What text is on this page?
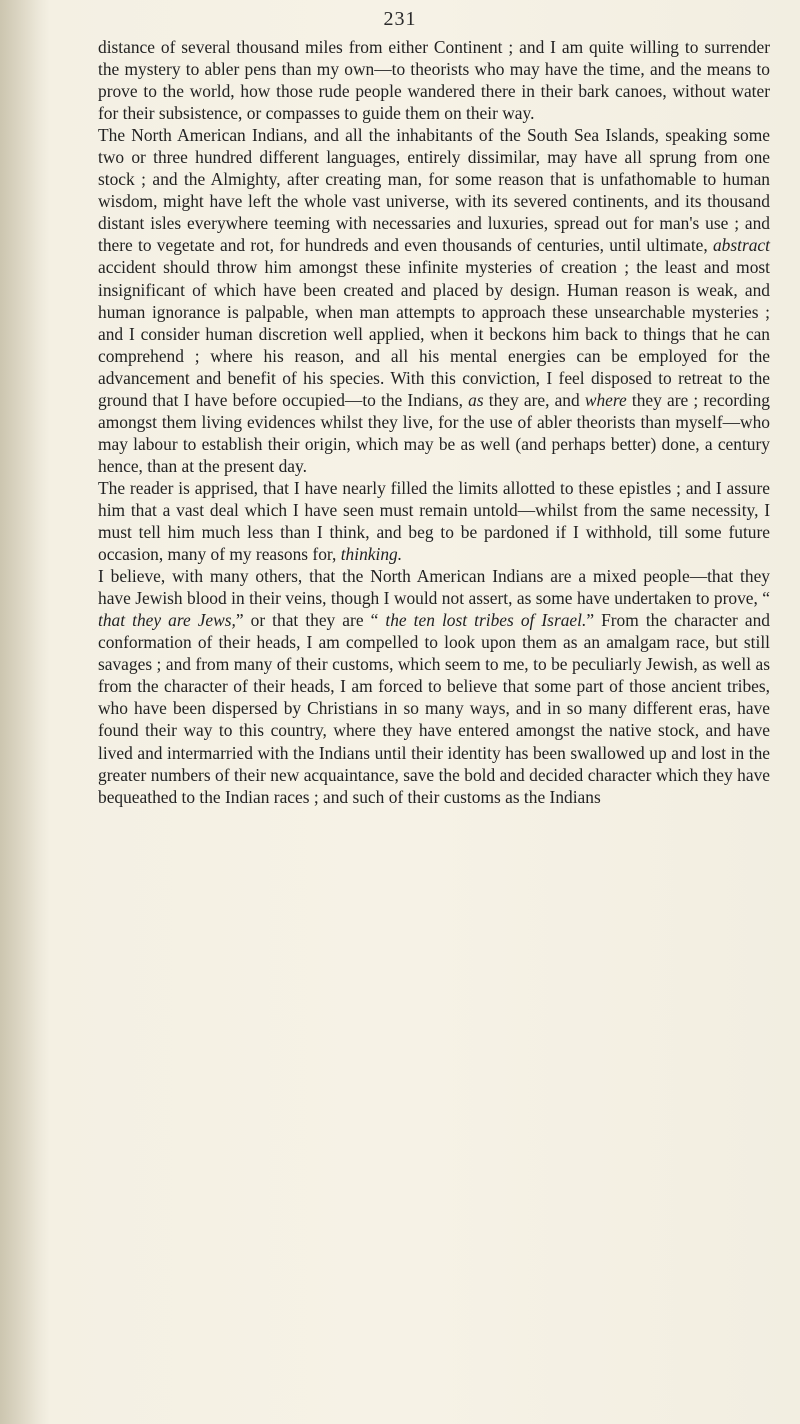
231

distance of several thousand miles from either Continent ; and I am quite willing to surrender the mystery to abler pens than my own—to theorists who may have the time, and the means to prove to the world, how those rude people wandered there in their bark canoes, without water for their subsistence, or compasses to guide them on their way.

The North American Indians, and all the inhabitants of the South Sea Islands, speaking some two or three hundred different languages, entirely dissimilar, may have all sprung from one stock ; and the Almighty, after creating man, for some reason that is unfathomable to human wisdom, might have left the whole vast universe, with its severed continents, and its thousand distant isles everywhere teeming with necessaries and luxuries, spread out for man's use ; and there to vegetate and rot, for hundreds and even thousands of centuries, until ultimate, abstract accident should throw him amongst these infinite mysteries of creation ; the least and most insignificant of which have been created and placed by design. Human reason is weak, and human ignorance is palpable, when man attempts to approach these unsearchable mysteries ; and I consider human discretion well applied, when it beckons him back to things that he can comprehend ; where his reason, and all his mental energies can be employed for the advancement and benefit of his species. With this conviction, I feel disposed to retreat to the ground that I have before occupied—to the Indians, as they are, and where they are ; recording amongst them living evidences whilst they live, for the use of abler theorists than myself—who may labour to establish their origin, which may be as well (and perhaps better) done, a century hence, than at the present day.

The reader is apprised, that I have nearly filled the limits allotted to these epistles ; and I assure him that a vast deal which I have seen must remain untold—whilst from the same necessity, I must tell him much less than I think, and beg to be pardoned if I withhold, till some future occasion, many of my reasons for, thinking.

I believe, with many others, that the North American Indians are a mixed people—that they have Jewish blood in their veins, though I would not assert, as some have undertaken to prove, “ that they are Jews,” or that they are “ the ten lost tribes of Israel.” From the character and conformation of their heads, I am compelled to look upon them as an amalgam race, but still savages ; and from many of their customs, which seem to me, to be peculiarly Jewish, as well as from the character of their heads, I am forced to believe that some part of those ancient tribes, who have been dispersed by Christians in so many ways, and in so many different eras, have found their way to this country, where they have entered amongst the native stock, and have lived and intermarried with the Indians until their identity has been swallowed up and lost in the greater numbers of their new acquaintance, save the bold and decided character which they have bequeathed to the Indian races ; and such of their customs as the Indians
